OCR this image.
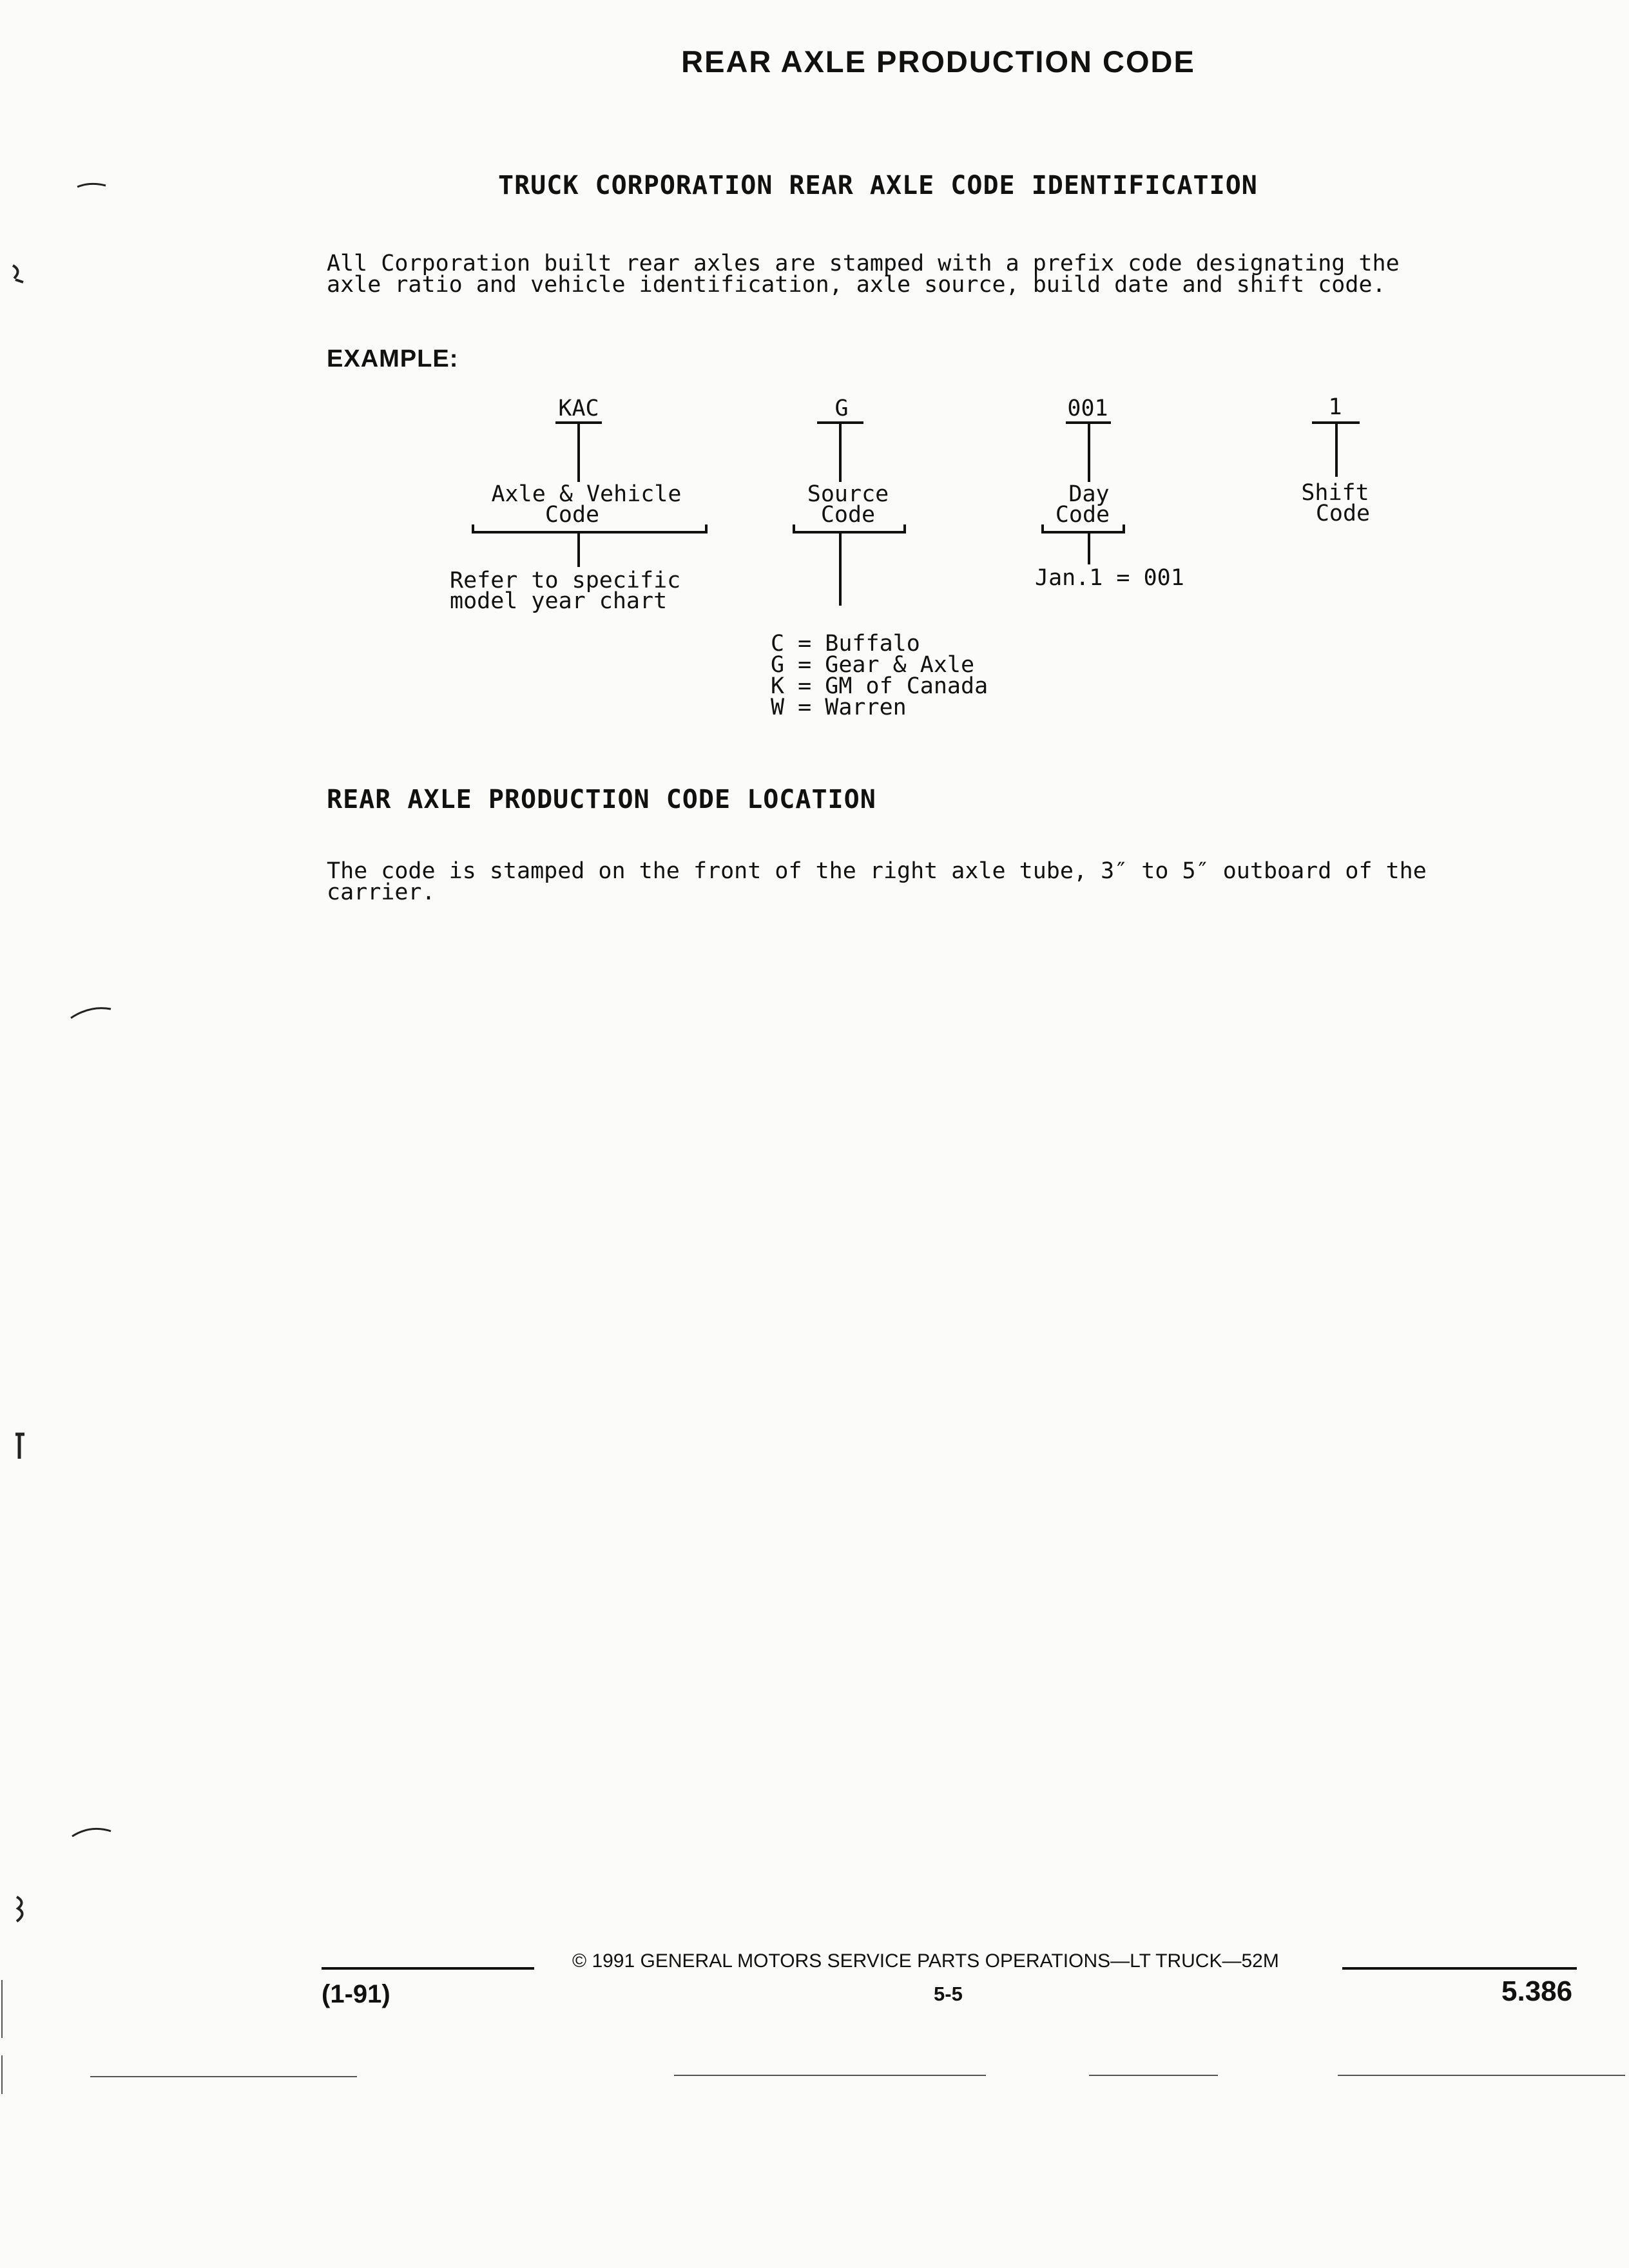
REAR AXLE PRODUCTION CODE
TRUCK CORPORATION REAR AXLE CODE IDENTIFICATION
All Corporation built rear axles are stamped with a prefix code designating the
axle ratio and vehicle identification, axle source, build date and shift code.
EXAMPLE:
KAC
Axle & Vehicle
Code
Refer to specific
model year chart
G
Source
Code
C = Buffalo
G = Gear & Axle
K = GM of Canada
W = Warren
001
Day
Code
Jan.1 = 001
1
Shift
Code
REAR AXLE PRODUCTION CODE LOCATION
The code is stamped on the front of the right axle tube, 3″ to 5″ outboard of the
carrier.
© 1991 GENERAL MOTORS SERVICE PARTS OPERATIONS—LT TRUCK—52M
(1-91)	5-5	5.386
